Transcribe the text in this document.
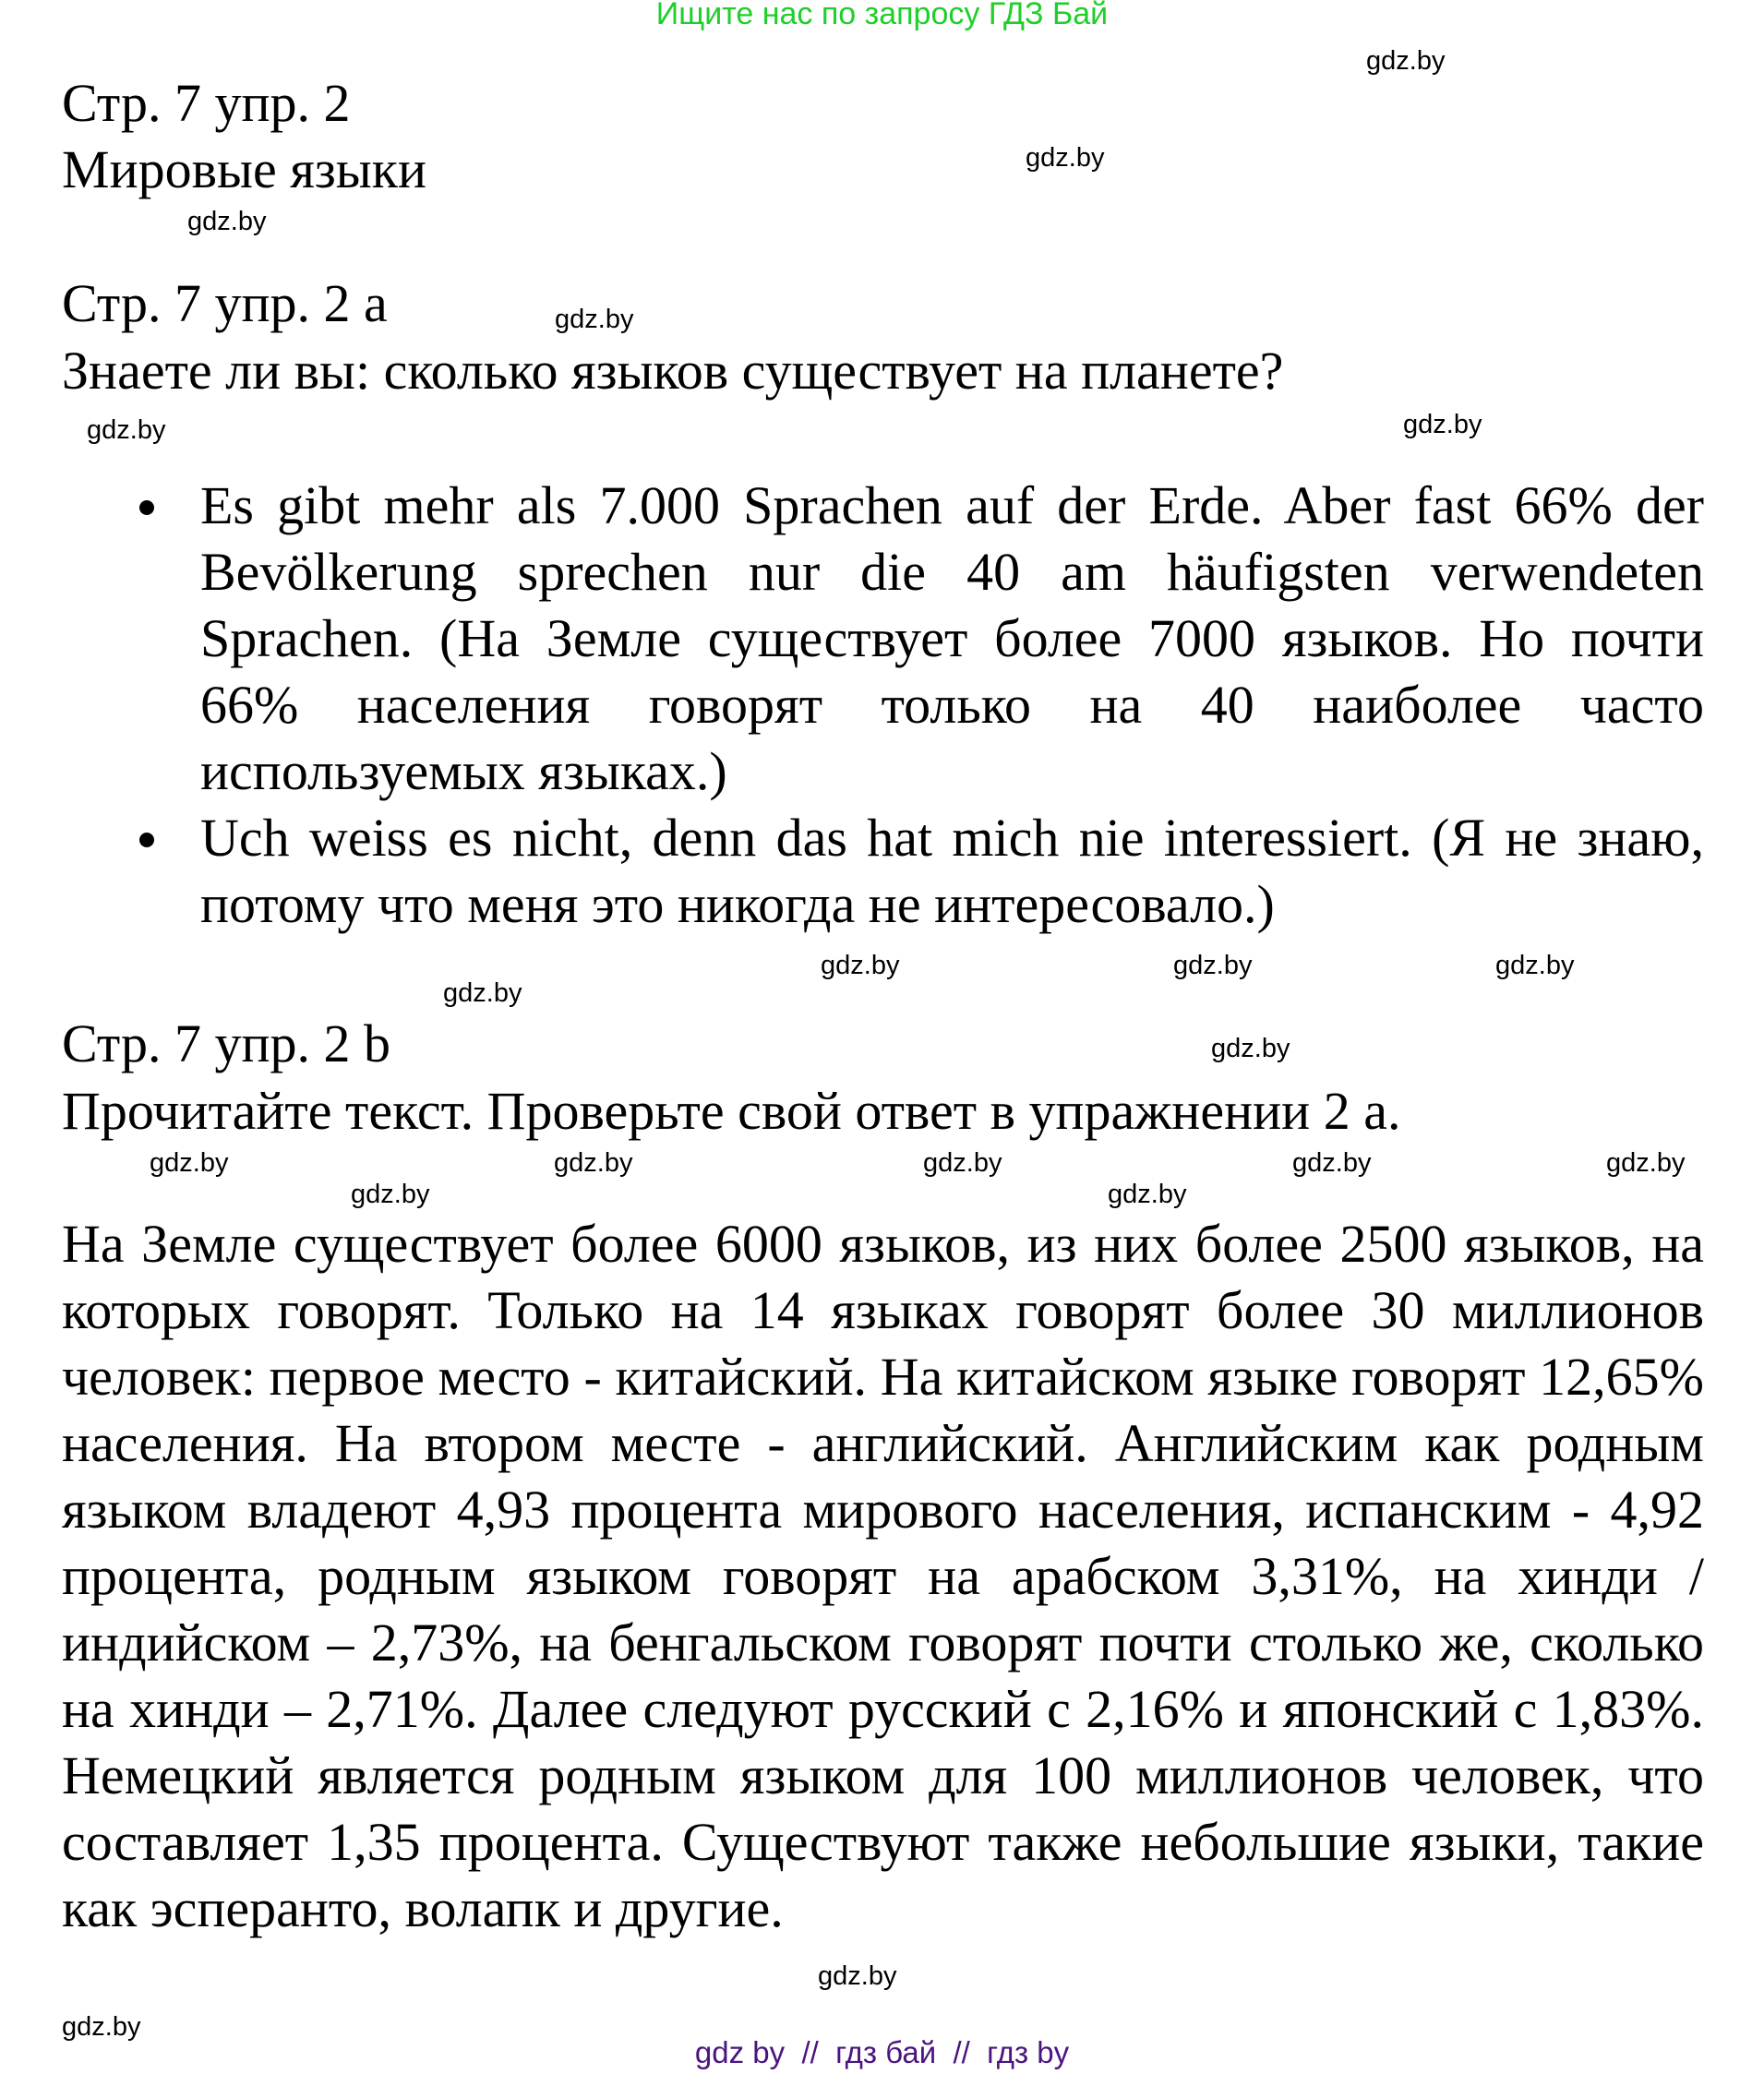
Ищите нас по запросу ГДЗ Бай
Стр. 7 упр. 2
Мировые языки
Стр. 7 упр. 2 a
Знаете ли вы: сколько языков существует на планете?
Es gibt mehr als 7.000 Sprachen auf der Erde. Aber fast 66% der Bevölkerung sprechen nur die 40 am häufigsten verwendeten Sprachen. (На Земле существует более 7000 языков. Но почти 66% населения говорят только на 40 наиболее часто используемых языках.)
Uch weiss es nicht, denn das hat mich nie interessiert. (Я не знаю, потому что меня это никогда не интересовало.)
Стр. 7 упр. 2 b
Прочитайте текст. Проверьте свой ответ в упражнении 2 а.
На Земле существует более 6000 языков, из них более 2500 языков, на которых говорят. Только на 14 языках говорят более 30 миллионов человек: первое место - китайский. На китайском языке говорят 12,65% населения. На втором месте - английский. Английским как родным языком владеют 4,93 процента мирового населения, испанским - 4,92 процента, родным языком говорят на арабском 3,31%, на хинди / индийском – 2,73%, на бенгальском говорят почти столько же, сколько на хинди – 2,71%. Далее следуют русский с 2,16% и японский с 1,83%. Немецкий является родным языком для 100 миллионов человек, что составляет 1,35 процента. Существуют также небольшие языки, такие как эсперанто, волапк и другие.
gdz.by
gdz.by
gdz.by
gdz.by
gdz.by
gdz.by
gdz.by
gdz.by	gdz.by
gdz.by
gdz.by
gdz.by	gdz.by	gdz.by	gdz.by	gdz.by
gdz.by	gdz.by
gdz.by
gdz.by
gdz by  //  гдз бай  //  гдз by
